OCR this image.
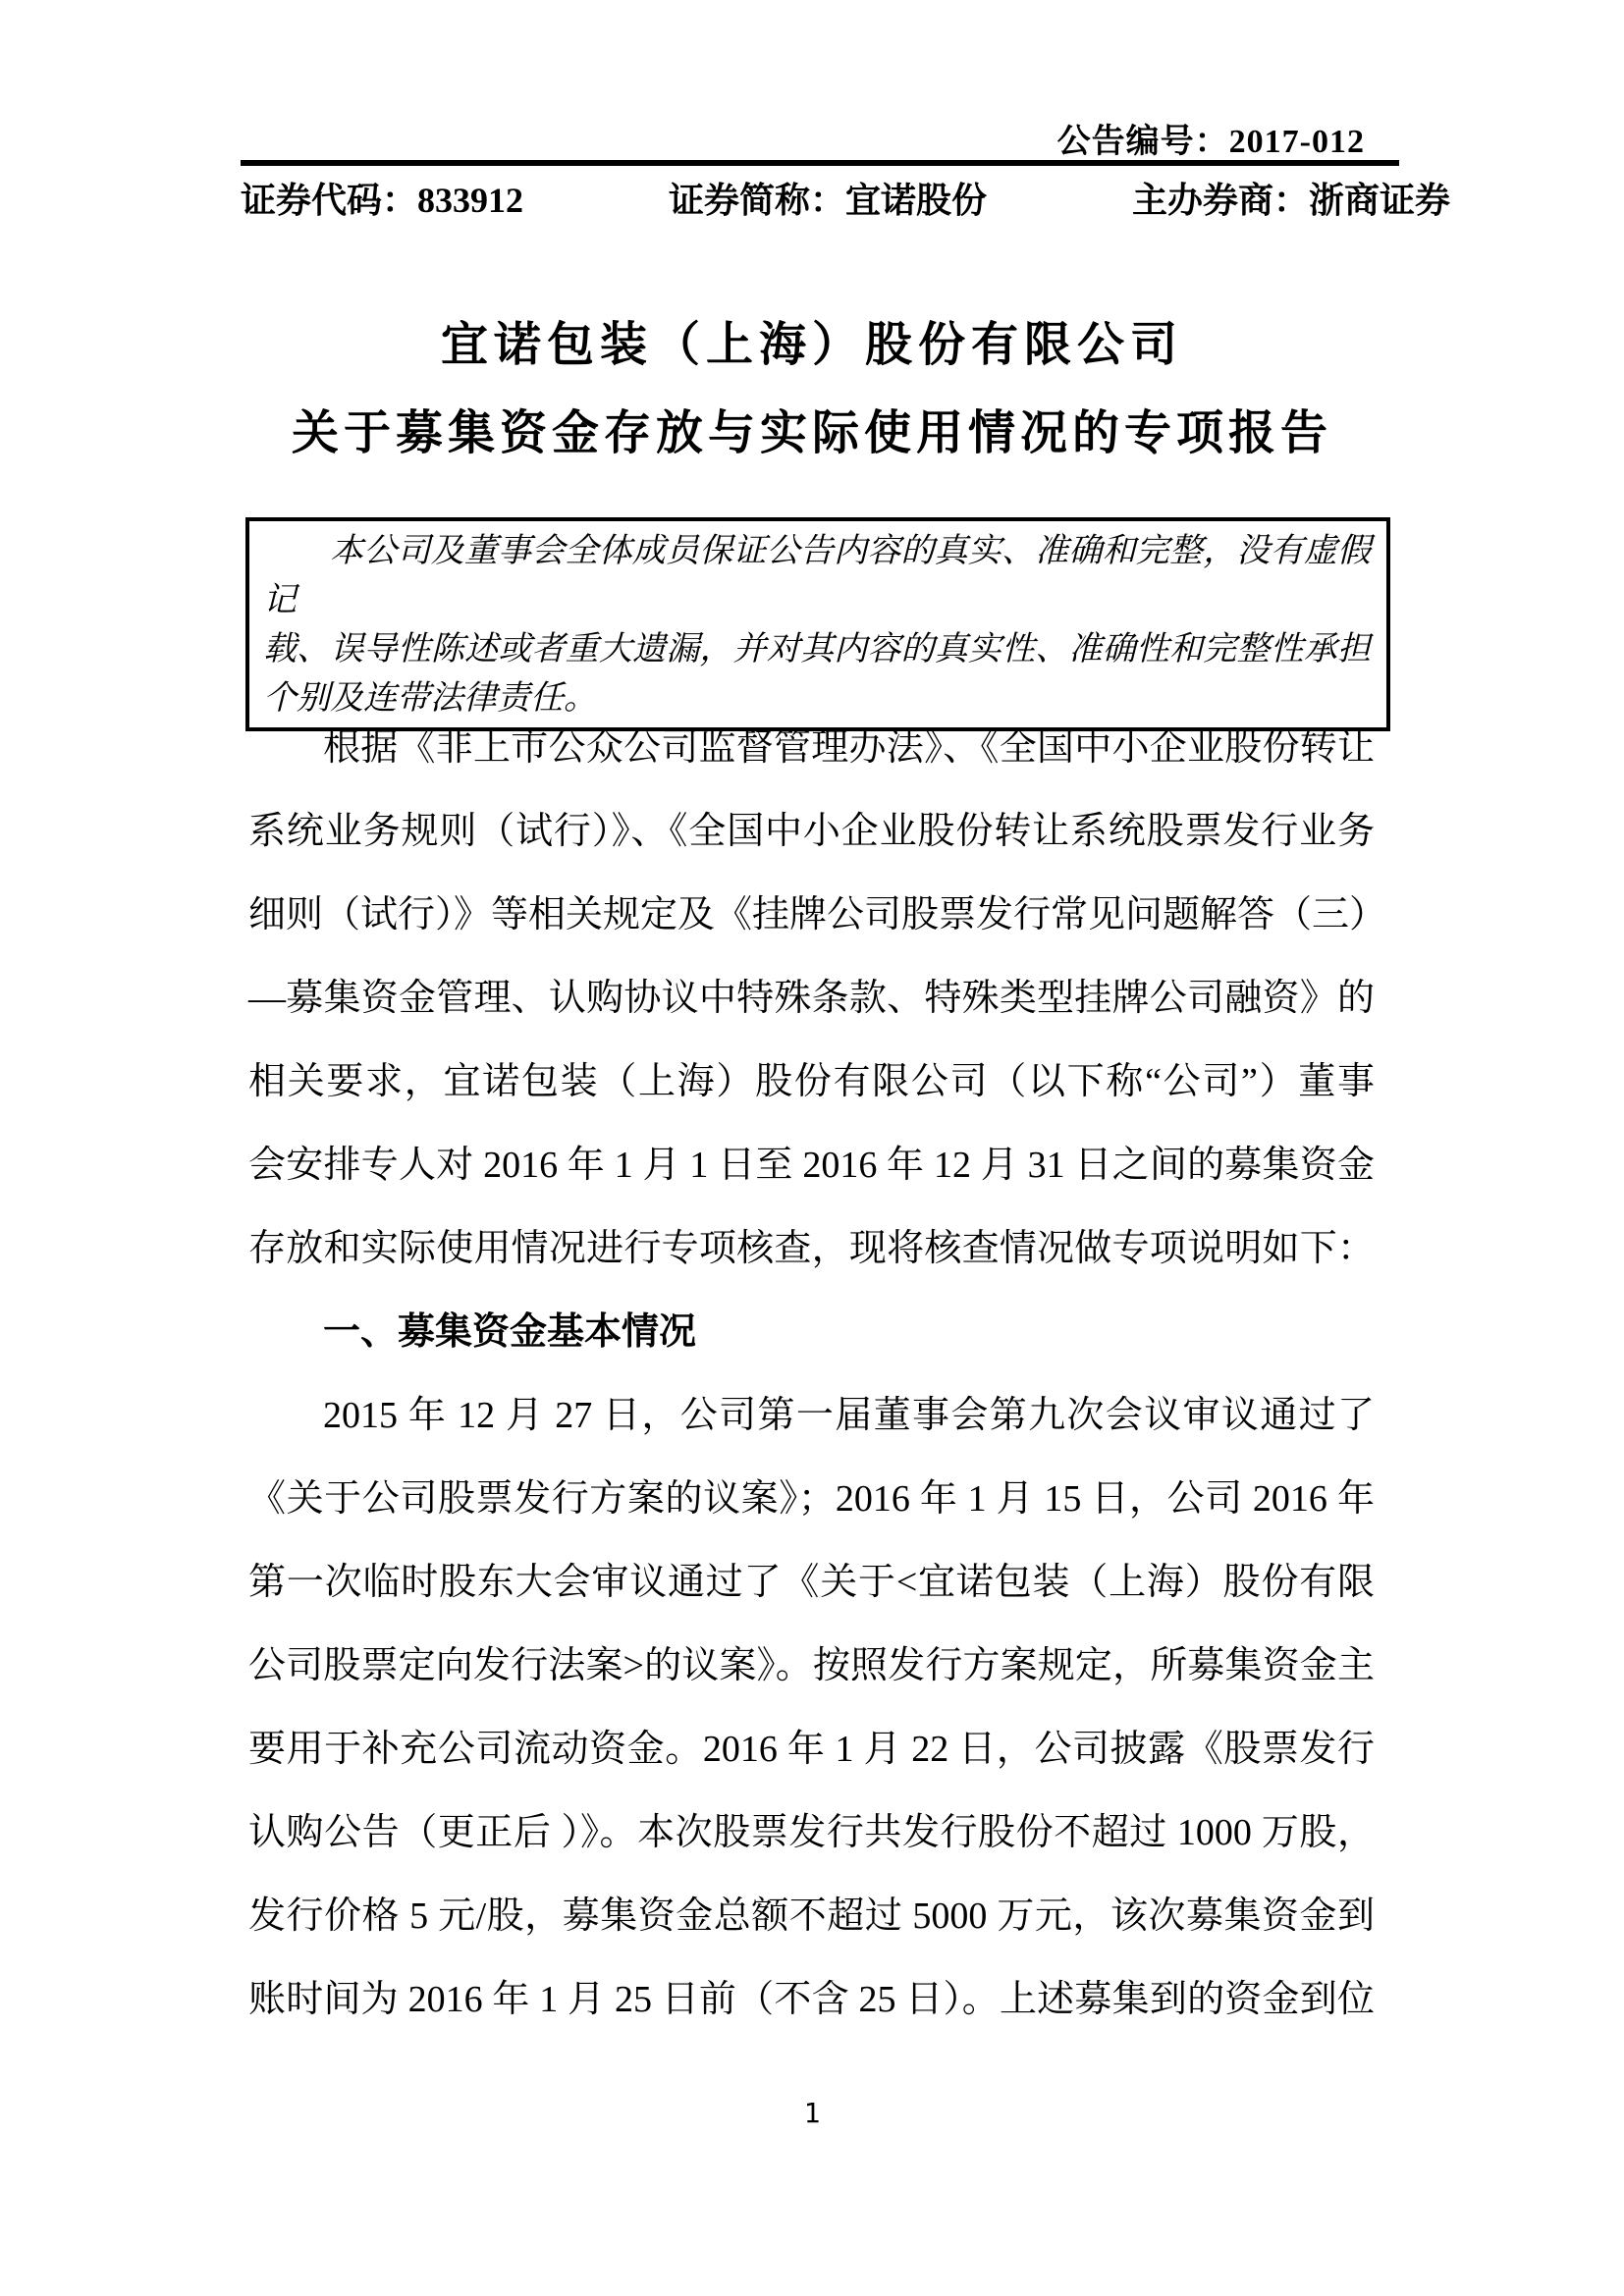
公告编号：2017-012
证券代码：833912	证券简称：宜诺股份	主办券商：浙商证券
宜诺包装（上海）股份有限公司
关于募集资金存放与实际使用情况的专项报告
本公司及董事会全体成员保证公告内容的真实、准确和完整，没有虚假记
载、误导性陈述或者重大遗漏，并对其内容的真实性、准确性和完整性承担
个别及连带法律责任。
根据《非上市公众公司监督管理办法》、《全国中小企业股份转让
系统业务规则（试行）》、《全国中小企业股份转让系统股票发行业务
细则（试行）》等相关规定及《挂牌公司股票发行常见问题解答（三）
—募集资金管理、认购协议中特殊条款、特殊类型挂牌公司融资》的
相关要求，宜诺包装（上海）股份有限公司（以下称“公司”）董事
会安排专人对 2016 年 1 月 1 日至 2016 年 12 月 31 日之间的募集资金
存放和实际使用情况进行专项核查，现将核查情况做专项说明如下：
一、募集资金基本情况
2015 年 12 月 27 日，公司第一届董事会第九次会议审议通过了
《关于公司股票发行方案的议案》；2016 年 1 月 15 日，公司 2016 年
第一次临时股东大会审议通过了《关于<宜诺包装（上海）股份有限
公司股票定向发行法案>的议案》。按照发行方案规定，所募集资金主
要用于补充公司流动资金。2016 年 1 月 22 日，公司披露《股票发行
认购公告（更正后 ）》。本次股票发行共发行股份不超过 1000 万股，
发行价格 5 元/股，募集资金总额不超过 5000 万元，该次募集资金到
账时间为 2016 年 1 月 25 日前（不含 25 日）。上述募集到的资金到位
1
